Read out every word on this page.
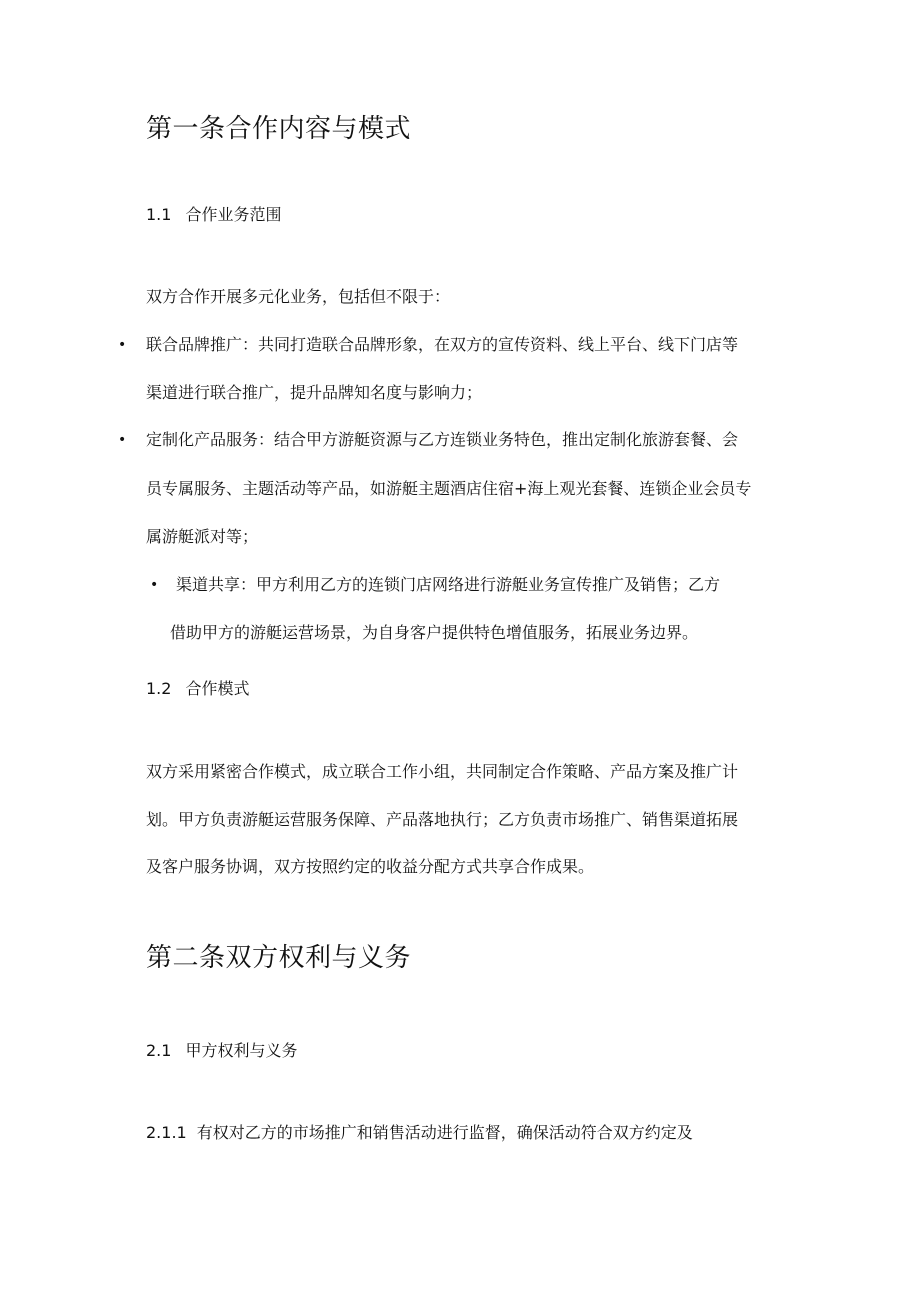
第一条合作内容与模式
1.1 合作业务范围
双方合作开展多元化业务，包括但不限于：
• 联合品牌推广：共同打造联合品牌形象，在双方的宣传资料、线上平台、线下门店等
渠道进行联合推广，提升品牌知名度与影响力；
• 定制化产品服务：结合甲方游艇资源与乙方连锁业务特色，推出定制化旅游套餐、会
员专属服务、主题活动等产品，如游艇主题酒店住宿+海上观光套餐、连锁企业会员专
属游艇派对等；
• 渠道共享：甲方利用乙方的连锁门店网络进行游艇业务宣传推广及销售；乙方
借助甲方的游艇运营场景，为自身客户提供特色增值服务，拓展业务边界。
1.2 合作模式
双方采用紧密合作模式，成立联合工作小组，共同制定合作策略、产品方案及推广计
划。甲方负责游艇运营服务保障、产品落地执行；乙方负责市场推广、销售渠道拓展
及客户服务协调，双方按照约定的收益分配方式共享合作成果。
第二条双方权利与义务
2.1 甲方权利与义务
2.1.1 有权对乙方的市场推广和销售活动进行监督，确保活动符合双方约定及
